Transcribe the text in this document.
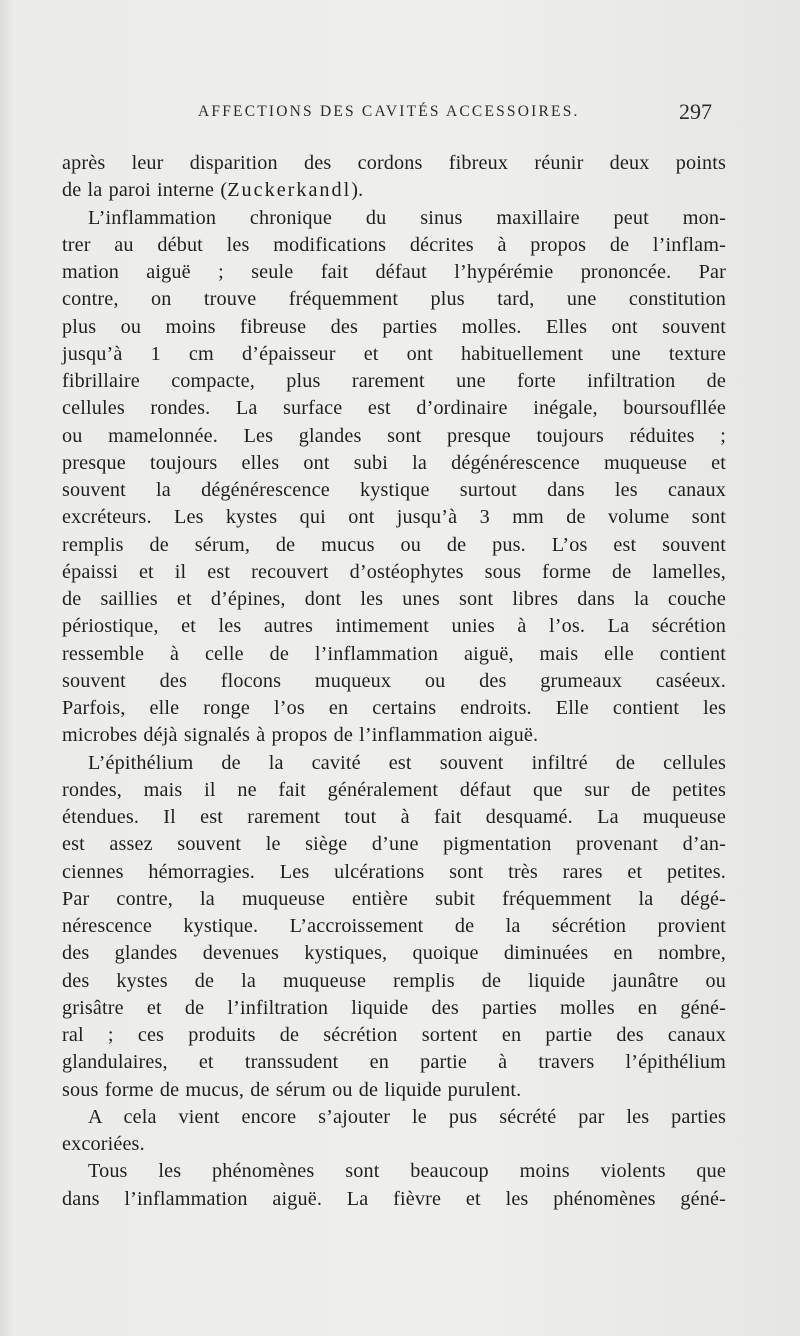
AFFECTIONS DES CAVITÉS ACCESSOIRES.	297

après leur disparition des cordons fibreux réunir deux points

de la paroi interne (Zuckerkandl).

L’inflammation chronique du sinus maxillaire peut mon-

trer au début les modifications décrites à propos de l’inflam-

mation aiguë ; seule fait défaut l’hypérémie prononcée. Par

contre, on trouve fréquemment plus tard, une constitution

plus ou moins fibreuse des parties molles. Elles ont souvent

jusqu’à 1 cm d’épaisseur et ont habituellement une texture

fibrillaire compacte, plus rarement une forte infiltration de

cellules rondes. La surface est d’ordinaire inégale, boursoufllée

ou mamelonnée. Les glandes sont presque toujours réduites ;

presque toujours elles ont subi la dégénérescence muqueuse et

souvent la dégénérescence kystique surtout dans les canaux

excréteurs. Les kystes qui ont jusqu’à 3 mm de volume sont

remplis de sérum, de mucus ou de pus. L’os est souvent

épaissi et il est recouvert d’ostéophytes sous forme de lamelles,

de saillies et d’épines, dont les unes sont libres dans la couche

périostique, et les autres intimement unies à l’os. La sécrétion

ressemble à celle de l’inflammation aiguë, mais elle contient

souvent des flocons muqueux ou des grumeaux caséeux.

Parfois, elle ronge l’os en certains endroits. Elle contient les

microbes déjà signalés à propos de l’inflammation aiguë.

L’épithélium de la cavité est souvent infiltré de cellules

rondes, mais il ne fait généralement défaut que sur de petites

étendues. Il est rarement tout à fait desquamé. La muqueuse

est assez souvent le siège d’une pigmentation provenant d’an-

ciennes hémorragies. Les ulcérations sont très rares et petites.

Par contre, la muqueuse entière subit fréquemment la dégé-

nérescence kystique. L’accroissement de la sécrétion provient

des glandes devenues kystiques, quoique diminuées en nombre,

des kystes de la muqueuse remplis de liquide jaunâtre ou

grisâtre et de l’infiltration liquide des parties molles en géné-

ral ; ces produits de sécrétion sortent en partie des canaux

glandulaires, et transsudent en partie à travers l’épithélium

sous forme de mucus, de sérum ou de liquide purulent.

A cela vient encore s’ajouter le pus sécrété par les parties

excoriées.

Tous les phénomènes sont beaucoup moins violents que

dans l’inflammation aiguë. La fièvre et les phénomènes géné-
